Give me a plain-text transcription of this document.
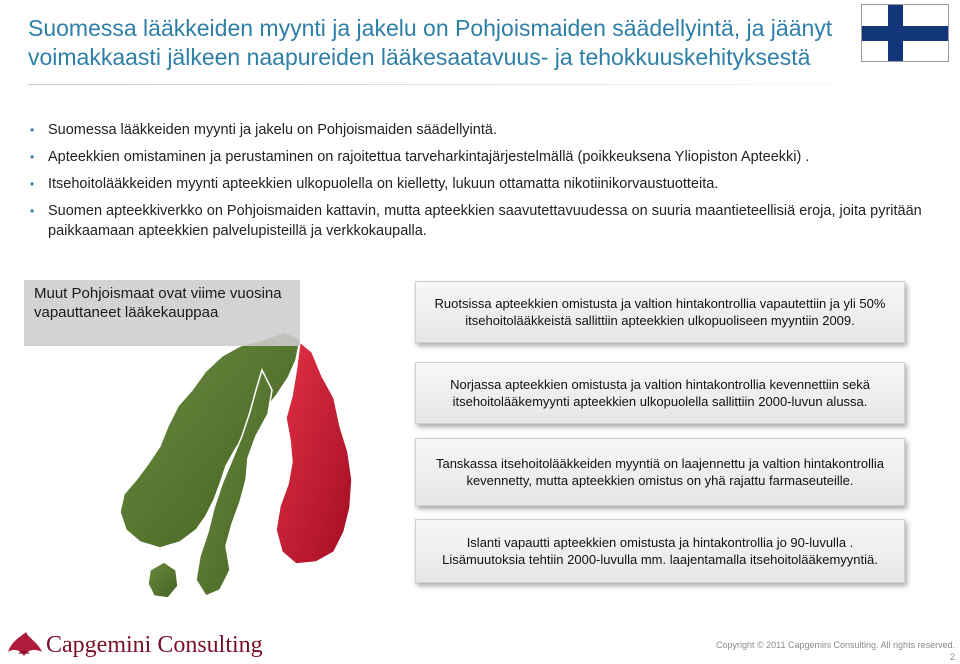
Suomessa lääkkeiden myynti ja jakelu on Pohjoismaiden säädellyintä, ja jäänyt voimakkaasti jälkeen naapureiden lääkesaatavuus- ja tehokkuuskehityksestä
• Suomessa lääkkeiden myynti ja jakelu on Pohjoismaiden säädellyintä.
• Apteekkien omistaminen ja perustaminen on rajoitettua tarveharkintajärjestelmällä (poikkeuksena Yliopiston Apteekki) .
• Itsehoitolääkkeiden myynti apteekkien ulkopuolella on kielletty, lukuun ottamatta nikotiinikorvaustuotteita.
• Suomen apteekkiverkko on Pohjoismaiden kattavin, mutta apteekkien saavutettavuudessa on suuria maantieteellisiä eroja, joita pyritään paikkaamaan apteekkien palvelupisteillä ja verkkokaupalla.
Muut Pohjoismaat ovat viime vuosina vapauttaneet lääkekauppaa
Ruotsissa apteekkien omistusta ja valtion hintakontrollia vapautettiin ja yli 50% itsehoitolääkkeistä sallittiin apteekkien ulkopuoliseen myyntiin 2009.
Norjassa apteekkien omistusta ja valtion hintakontrollia kevennettiin sekä itsehoitolääkemyynti apteekkien ulkopuolella sallittiin 2000-luvun alussa.
Tanskassa itsehoitolääkkeiden myyntiä on laajennettu ja valtion hintakontrollia kevennetty, mutta apteekkien omistus on yhä rajattu farmaseuteille.
Islanti vapautti apteekkien omistusta ja hintakontrollia jo 90-luvulla . Lisämuutoksia tehtiin 2000-luvulla mm. laajentamalla itsehoitolääkemyyntiä.
Capgemini Consulting	Copyright © 2011 Capgemini Consulting. All rights reserved.
2
